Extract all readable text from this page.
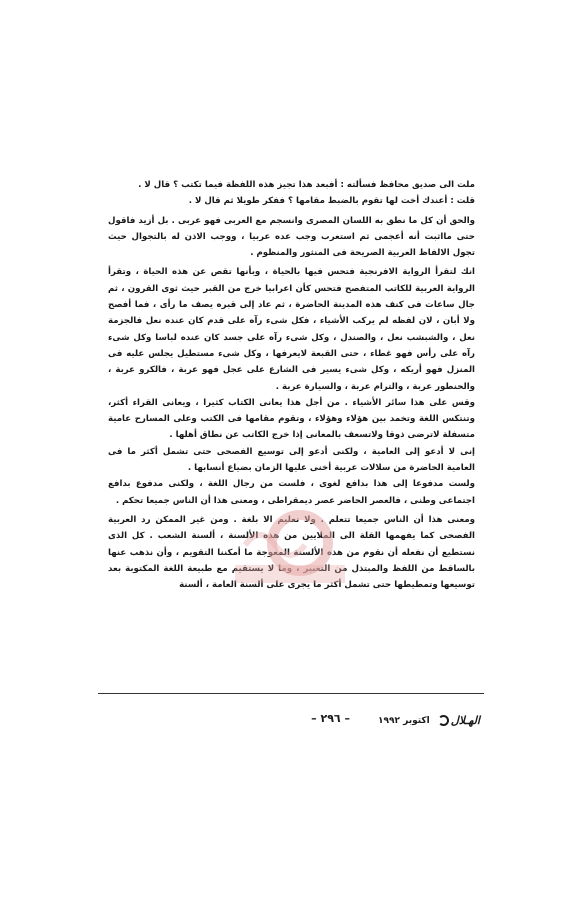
ملت الى صديق محافظ فسألته : أفبعد هذا تجيز هذه اللفظة فيما تكتب ؟ قال لا .

قلت : أعندك أخت لها تقوم بالضبط مقامها ؟ ففكر طويلا ثم قال لا .

والحق أن كل ما نطق به اللسان المصرى وانسجم مع العربى فهو عربى . بل أزيد فاقول حتى مااثبت أنه أعجمى ثم استعرب وجب عده عربيا ، ووجب الاذن له بالتجوال حيث تجول الالفاظ العربية الصريحة فى المنثور والمنظوم .

انك لتقرأ الرواية الافرنجية فتحس فيها بالحياة ، وبأنها تقص عن هذه الحياة ، وتقرأ الرواية العربية للكاتب المتفصح فتحس كأن اعرابيا خرج من القبر حيث ثوى القرون ، ثم جال ساعات فى كنف هذه المدينة الحاضرة ، ثم عاد إلى قبره يصف ما رأى ، فما أفصح ولا أبان ، لان لفظه لم يركب الأشياء ، فكل شىء رآه على قدم كان عنده نعل فالجزمة نعل ، والشبشب نعل ، والصندل ، وكل شىء رآه على جسد كان عنده لباسا وكل شىء رآه على رأس فهو غطاء ، حتى القبعة لايعرفها ، وكل شىء مستطيل يجلس عليه فى المنزل فهو أريكه ، وكل شىء يسير فى الشارع على عجل فهو عربة ، فالكرو عربة ، والحنطور عربة ، والترام عربة ، والسيارة عربة .

وقس على هذا سائر الأشياء . من أجل هذا يعانى الكتاب كثيرا ، ويعانى القراء أكثر، وتنتكس اللغة وتخمد بين هؤلاء وهؤلاء ، وتقوم مقامها فى الكتب وعلى المسارح عامية متسفلة لاترضى ذوقا ولاتسعف بالمعانى إذا خرج الكاتب عن نطاق أهلها .

إنى لا أدعو إلى العامية ، ولكنى أدعو إلى توسيع الفصحى حتى تشمل أكثر ما فى العامية الحاضرة من سلالات عربية أخنى عليها الزمان بضياع أنسابها .

ولست مدفوعا إلى هذا بدافع لغوى ، فلست من رجال اللغة ، ولكنى مدفوع بدافع اجتماعى وطنى ، فالعصر الحاضر عصر ديمقراطى ، ومعنى هذا أن الناس جميعا تحكم .

ومعنى هذا أن الناس جميعا تتعلم . ولا تعليم الا بلغة . ومن غير الممكن رد العربية الفصحى كما يفهمها القلة الى الملايين من هذه الألسنة ، ألسنة الشعب . كل الذى نستطيع أن نفعله أن نقوم من هذه الألسنة المعوجة ما أمكننا التقويم ، وأن نذهب عنها بالساقط من اللفظ والمبتذل من التعبير ، وما لا يستقيم مع طبيعة اللغة المكتوبة بعد توسيعها وتمطيطها حتى تشمل أكثر ما يجرى على ألسنة العامة ، ألسنة

الهـلال
اكتوبر ١٩٩٢
– ٢٩٦ –
